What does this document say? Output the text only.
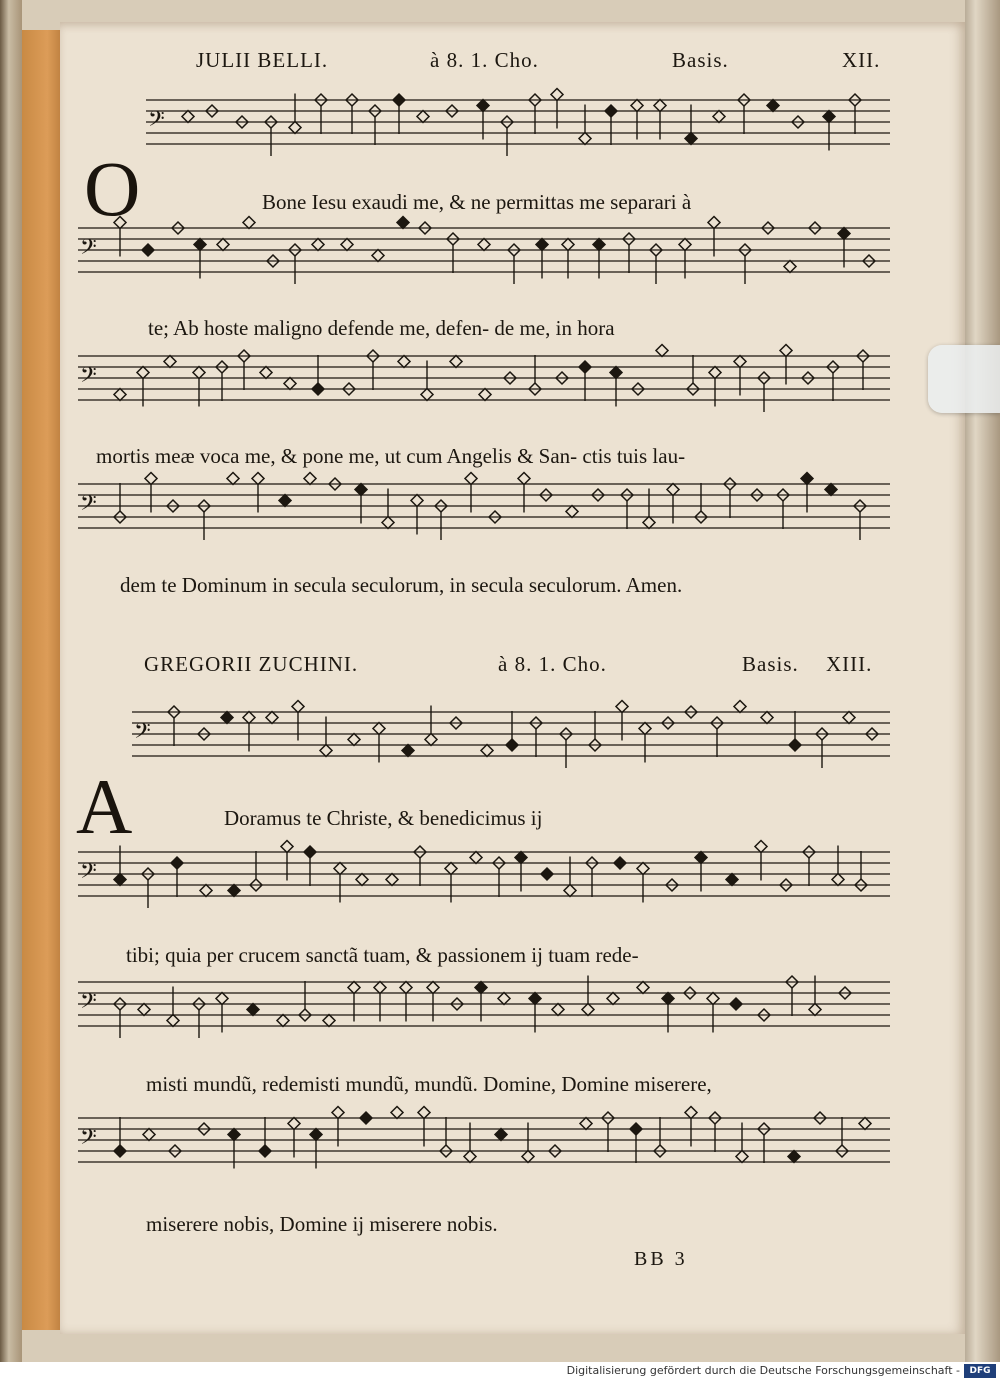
JULII BELLI.	à 8. 1. Cho.	Basis.	XII.
O
GREGORII ZUCHINI.	à 8. 1. Cho.	Basis. XIII.
A
Bone Iesu exaudi me, & ne permittas me separari à
te; Ab hoste maligno defende me, defen- de me, in hora
mortis meæ voca me, & pone me, ut cum Angelis & San- ctis tuis lau-
dem te Dominum in secula seculorum, in secula seculorum. Amen.
Doramus te Christe, & benedicimus ij
tibi; quia per crucem sanctã tuam, & passionem ij tuam rede-
misti mundũ, redemisti mundũ, mundũ. Domine, Domine miserere,
miserere nobis, Domine ij miserere nobis.
BB 3
𝄢
𝄢
𝄢
𝄢
𝄢
𝄢
𝄢
𝄢
Digitalisierung gefördert durch die Deutsche Forschungsgemeinschaft -	DFG
